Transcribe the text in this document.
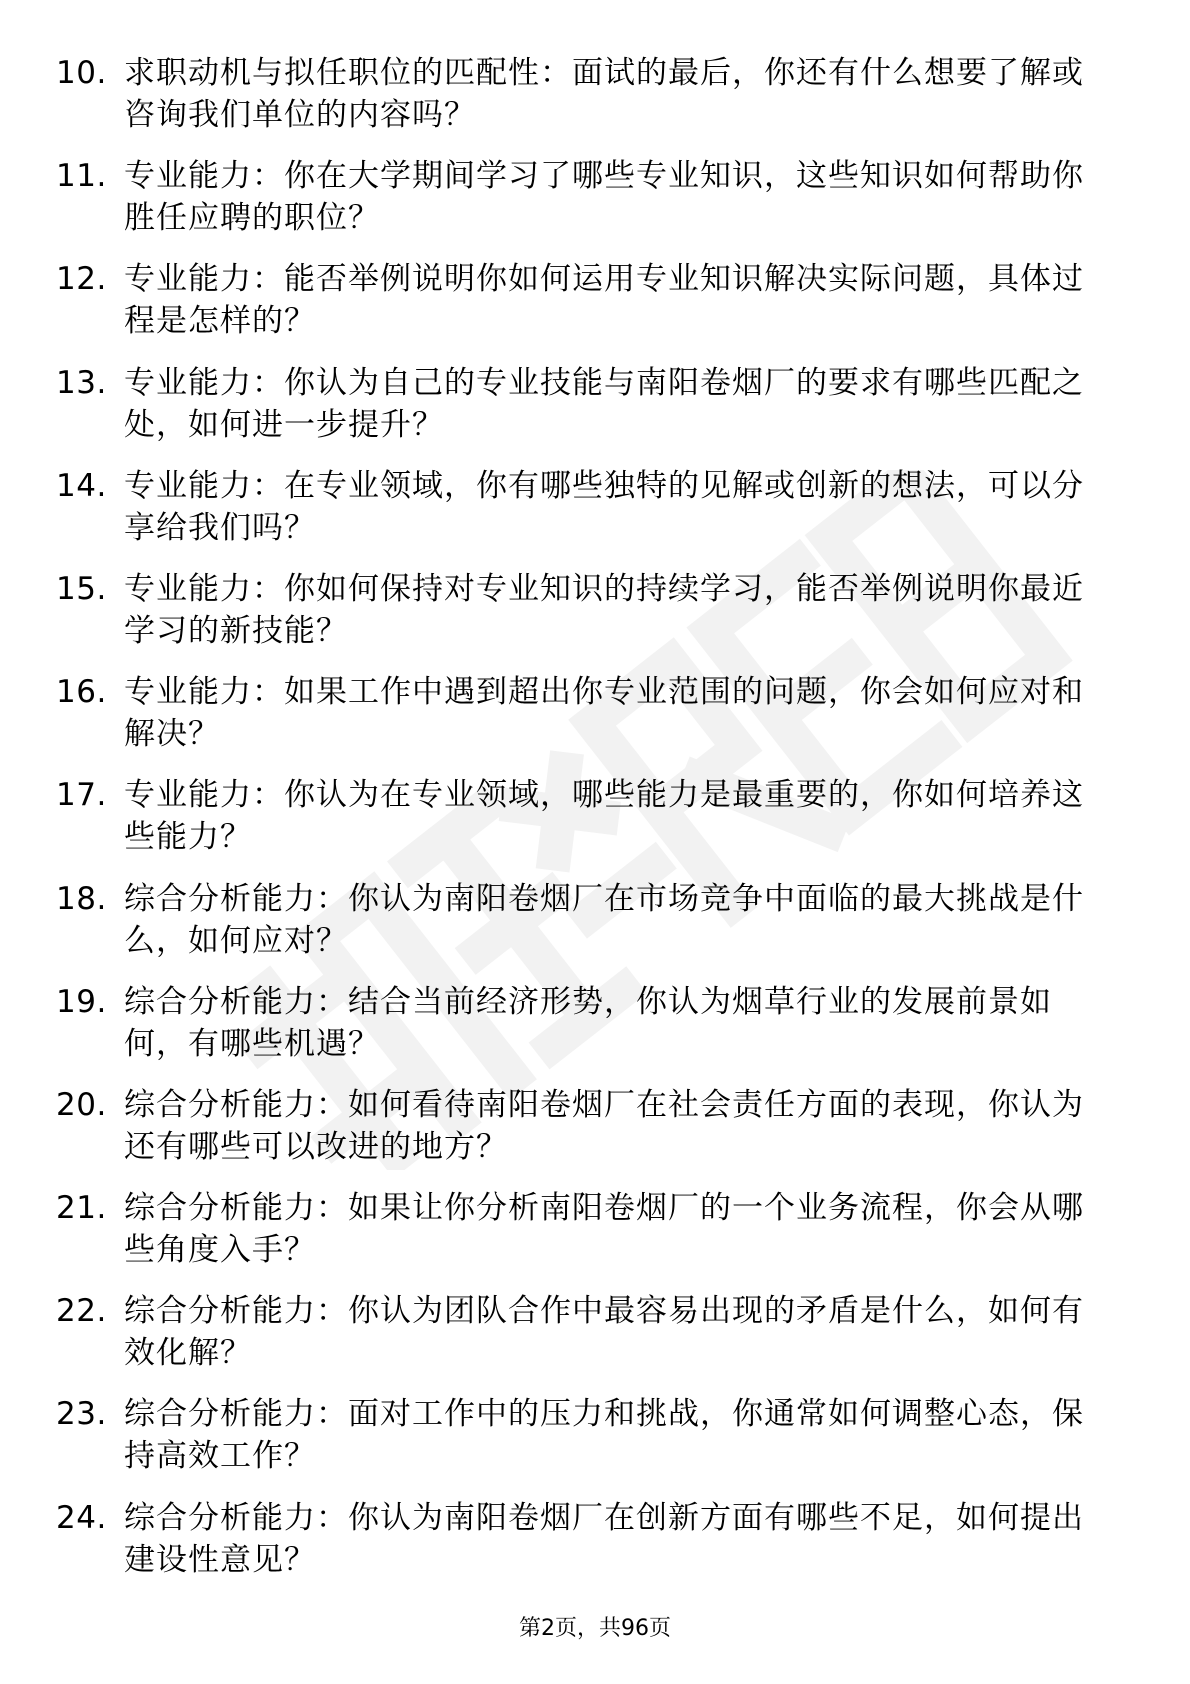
10. 求职动机与拟任职位的匹配性：面试的最后，你还有什么想要了解或咨询我们单位的内容吗？
11. 专业能力：你在大学期间学习了哪些专业知识，这些知识如何帮助你胜任应聘的职位？
12. 专业能力：能否举例说明你如何运用专业知识解决实际问题，具体过程是怎样的？
13. 专业能力：你认为自己的专业技能与南阳卷烟厂的要求有哪些匹配之处，如何进一步提升？
14. 专业能力：在专业领域，你有哪些独特的见解或创新的想法，可以分享给我们吗？
15. 专业能力：你如何保持对专业知识的持续学习，能否举例说明你最近学习的新技能？
16. 专业能力：如果工作中遇到超出你专业范围的问题，你会如何应对和解决？
17. 专业能力：你认为在专业领域，哪些能力是最重要的，你如何培养这些能力？
18. 综合分析能力：你认为南阳卷烟厂在市场竞争中面临的最大挑战是什么，如何应对？
19. 综合分析能力：结合当前经济形势，你认为烟草行业的发展前景如何，有哪些机遇？
20. 综合分析能力：如何看待南阳卷烟厂在社会责任方面的表现，你认为还有哪些可以改进的地方？
21. 综合分析能力：如果让你分析南阳卷烟厂的一个业务流程，你会从哪些角度入手？
22. 综合分析能力：你认为团队合作中最容易出现的矛盾是什么，如何有效化解？
23. 综合分析能力：面对工作中的压力和挑战，你通常如何调整心态，保持高效工作？
24. 综合分析能力：你认为南阳卷烟厂在创新方面有哪些不足，如何提出建设性意见？
第2页，共96页
